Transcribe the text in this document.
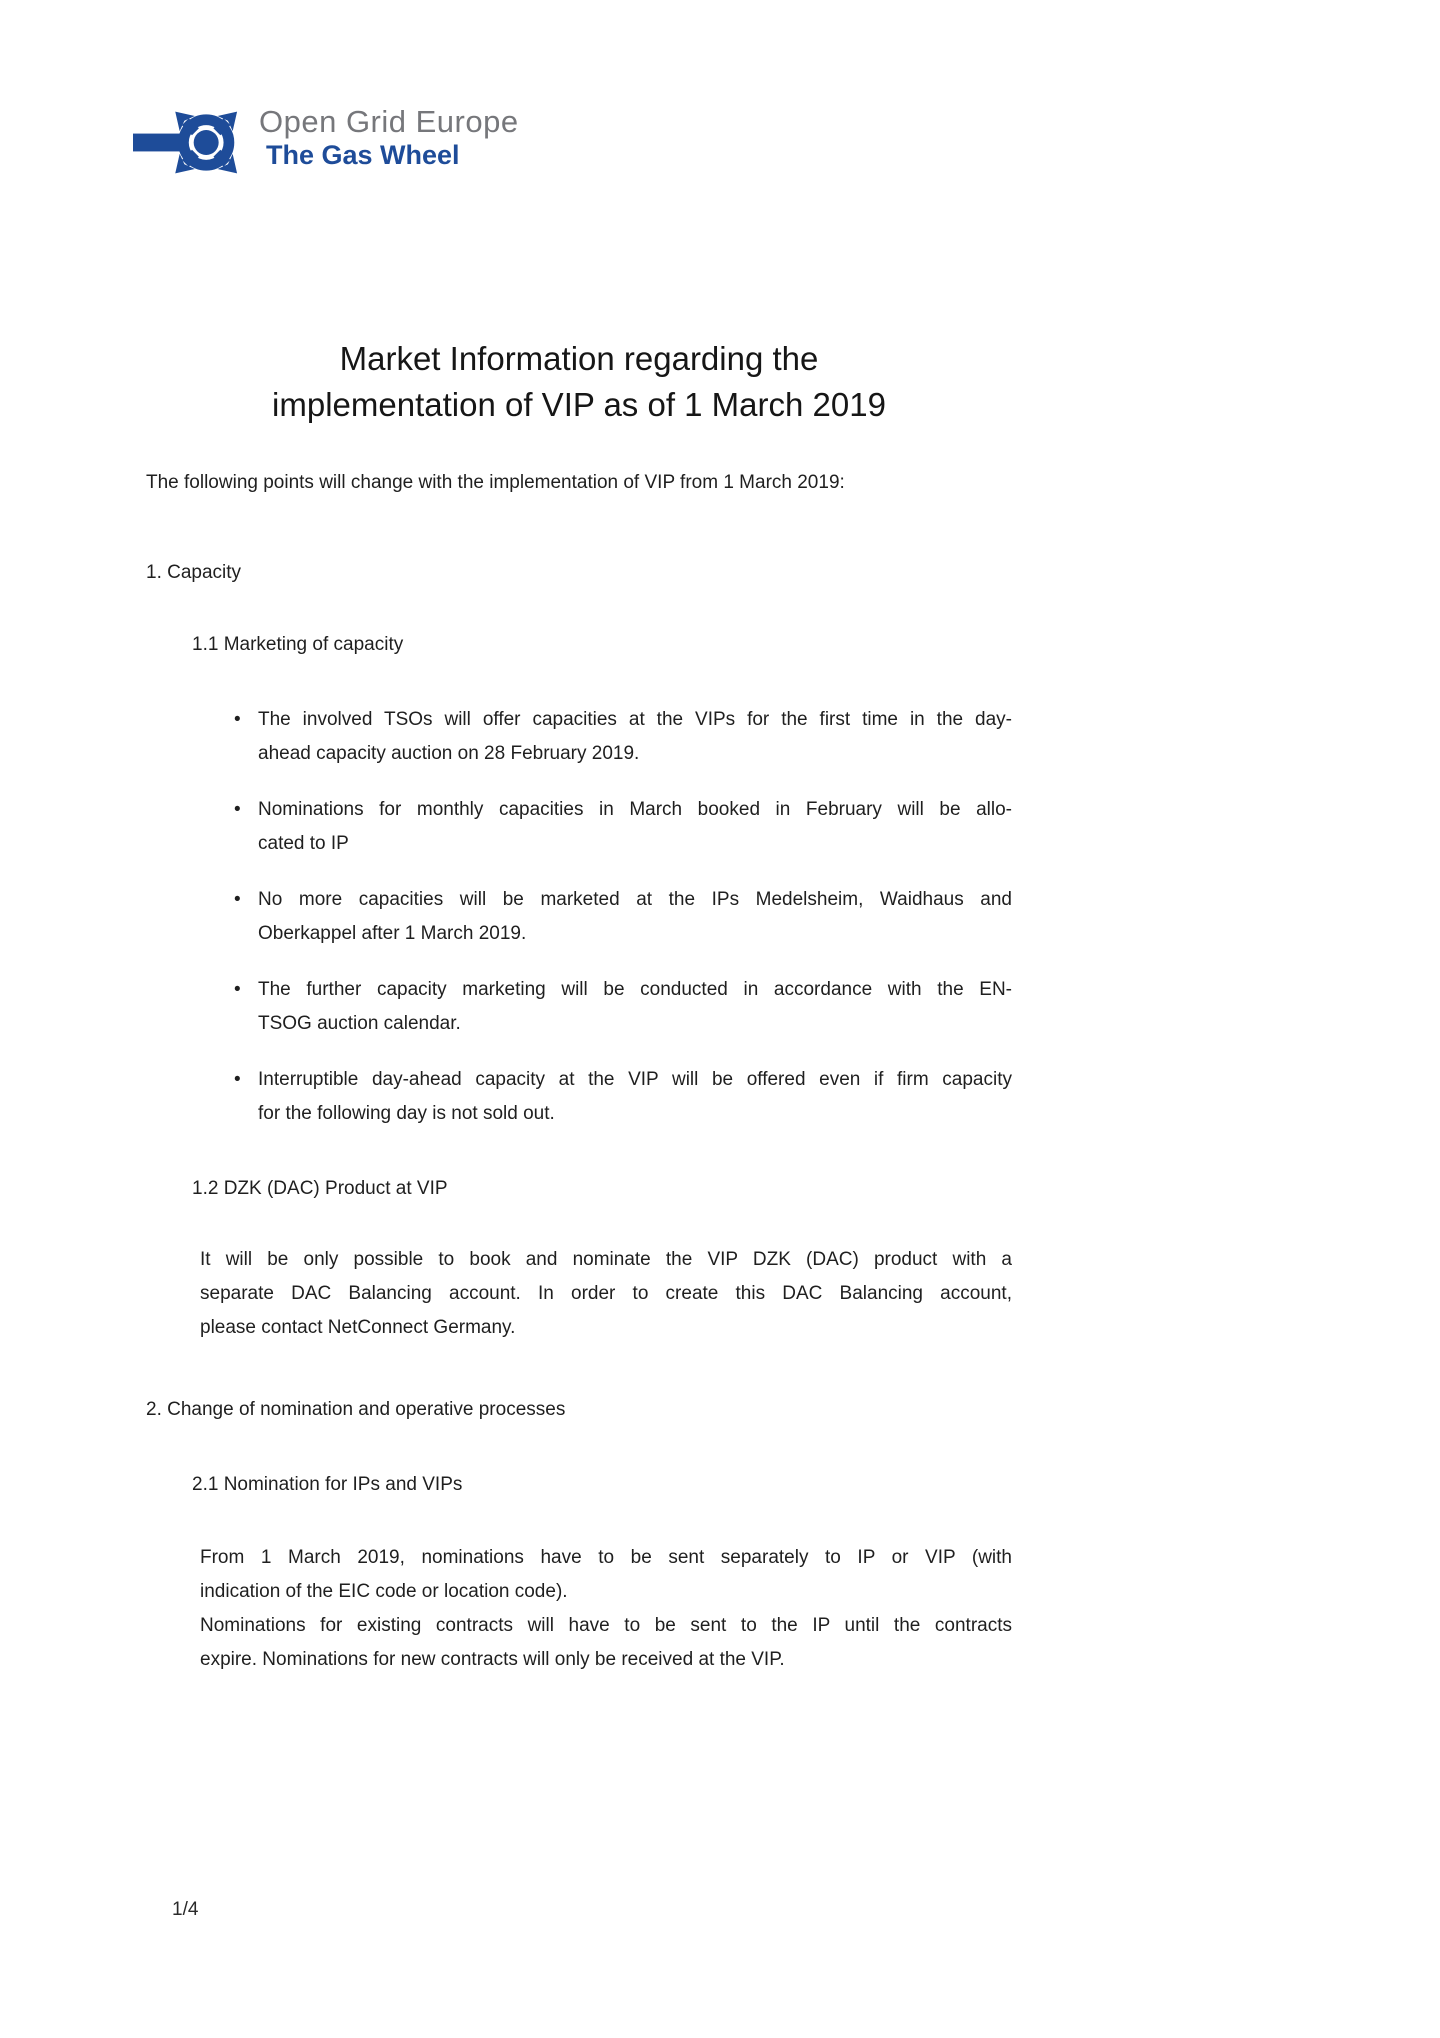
Open Grid Europe
The Gas Wheel
Market Information regarding the
implementation of VIP as of 1 March 2019
The following points will change with the implementation of VIP from 1 March 2019:
1. Capacity
1.1 Marketing of capacity
• The involved TSOs will offer capacities at the VIPs for the first time in the day-
ahead capacity auction on 28 February 2019.
• Nominations for monthly capacities in March booked in February will be allo-
cated to IP
• No more capacities will be marketed at the IPs Medelsheim, Waidhaus and
Oberkappel after 1 March 2019.
• The further capacity marketing will be conducted in accordance with the EN-
TSOG auction calendar.
• Interruptible day-ahead capacity at the VIP will be offered even if firm capacity
for the following day is not sold out.
1.2 DZK (DAC) Product at VIP
It will be only possible to book and nominate the VIP DZK (DAC) product with a
separate DAC Balancing account. In order to create this DAC Balancing account,
please contact NetConnect Germany.
2. Change of nomination and operative processes
2.1 Nomination for IPs and VIPs
From 1 March 2019, nominations have to be sent separately to IP or VIP (with
indication of the EIC code or location code).
Nominations for existing contracts will have to be sent to the IP until the contracts
expire. Nominations for new contracts will only be received at the VIP.
1/4
